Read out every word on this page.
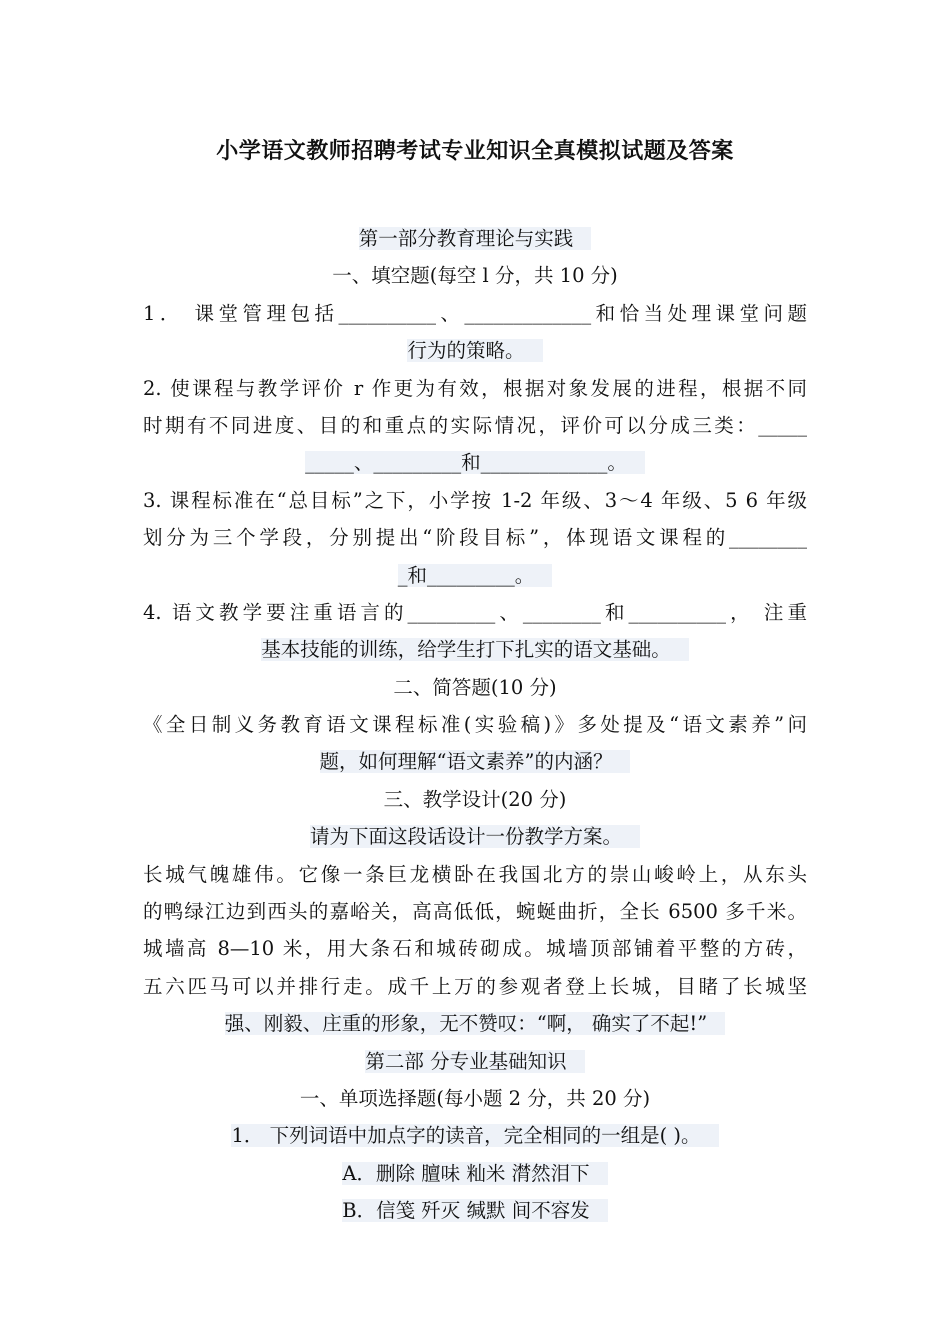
小学语文教师招聘考试专业知识全真模拟试题及答案
第一部分教育理论与实践
一、填空题(每空 l 分，共 10 分)
1． 课堂管理包括__________、_____________和恰当处理课堂问题
行为的策略。
2. 使课程与教学评价 r 作更为有效，根据对象发展的进程，根据不同
时期有不同进度、目的和重点的实际情况，评价可以分成三类：_____
_____、_________和_____________。
3. 课程标准在“总目标”之下，小学按 1-2 年级、3～4 年级、5 6 年级
划分为三个学段，分别提出“阶段目标”，体现语文课程的________
_和_________。
4. 语文教学要注重语言的_________、________和__________， 注重
基本技能的训练，给学生打下扎实的语文基础。
二、简答题(10 分)
《全日制义务教育语文课程标准(实验稿)》多处提及“语文素养”问
题，如何理解“语文素养”的内涵？
三、教学设计(20 分)
请为下面这段话设计一份教学方案。
长城气魄雄伟。它像一条巨龙横卧在我国北方的崇山峻岭上，从东头
的鸭绿江边到西头的嘉峪关，高高低低，蜿蜒曲折，全长 6500 多千米。
城墙高 8—10 米，用大条石和城砖砌成。城墙顶部铺着平整的方砖，
五六匹马可以并排行走。成千上万的参观者登上长城，目睹了长城坚
强、刚毅、庄重的形象，无不赞叹：“啊， 确实了不起!”
第二部 分专业基础知识
一、单项选择题(每小题 2 分，共 20 分)
1． 下列词语中加点字的读音，完全相同的一组是( )。
A．删除 膻味 籼米 潸然泪下
B．信笺 歼灭 缄默 间不容发
